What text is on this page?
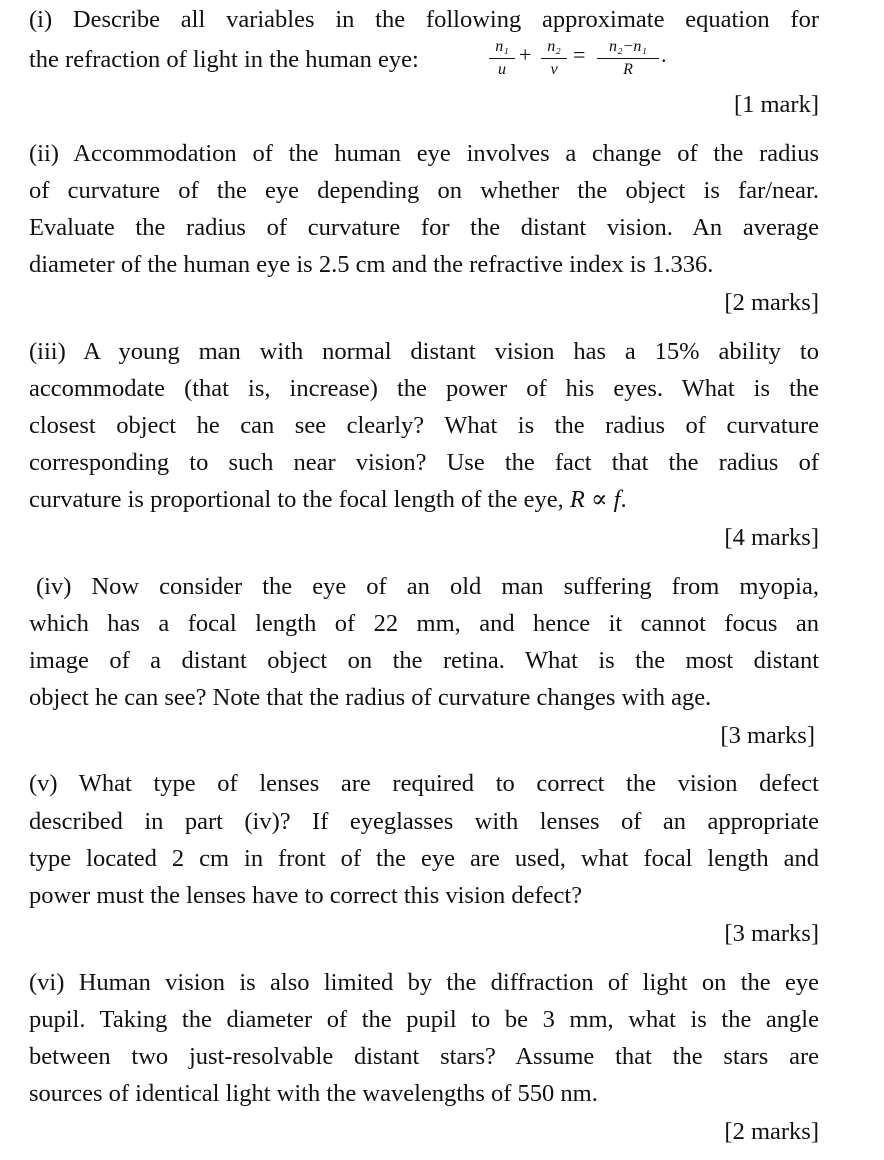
(i) Describe all variables in the following approximate equation for
the refraction of light in the human eye:	n₁
u
+ n₂
v
=	n₂−n₁
R
.
[1 mark]
(ii) Accommodation of the human eye involves a change of the radius
of curvature of the eye depending on whether the object is far/near.
Evaluate the radius of curvature for the distant vision. An average
diameter of the human eye is 2.5 cm and the refractive index is 1.336.
[2 marks]
(iii) A young man with normal distant vision has a 15% ability to
accommodate (that is, increase) the power of his eyes. What is the
closest object he can see clearly? What is the radius of curvature
corresponding to such near vision? Use the fact that the radius of
curvature is proportional to the focal length of the eye, R ∝ f.
[4 marks]
(iv) Now consider the eye of an old man suffering from myopia,
which has a focal length of 22 mm, and hence it cannot focus an
image of a distant object on the retina. What is the most distant
object he can see? Note that the radius of curvature changes with age.
[3 marks]
(v) What type of lenses are required to correct the vision defect
described in part (iv)? If eyeglasses with lenses of an appropriate
type located 2 cm in front of the eye are used, what focal length and
power must the lenses have to correct this vision defect?
[3 marks]
(vi) Human vision is also limited by the diffraction of light on the eye
pupil. Taking the diameter of the pupil to be 3 mm, what is the angle
between two just-resolvable distant stars? Assume that the stars are
sources of identical light with the wavelengths of 550 nm.
[2 marks]
